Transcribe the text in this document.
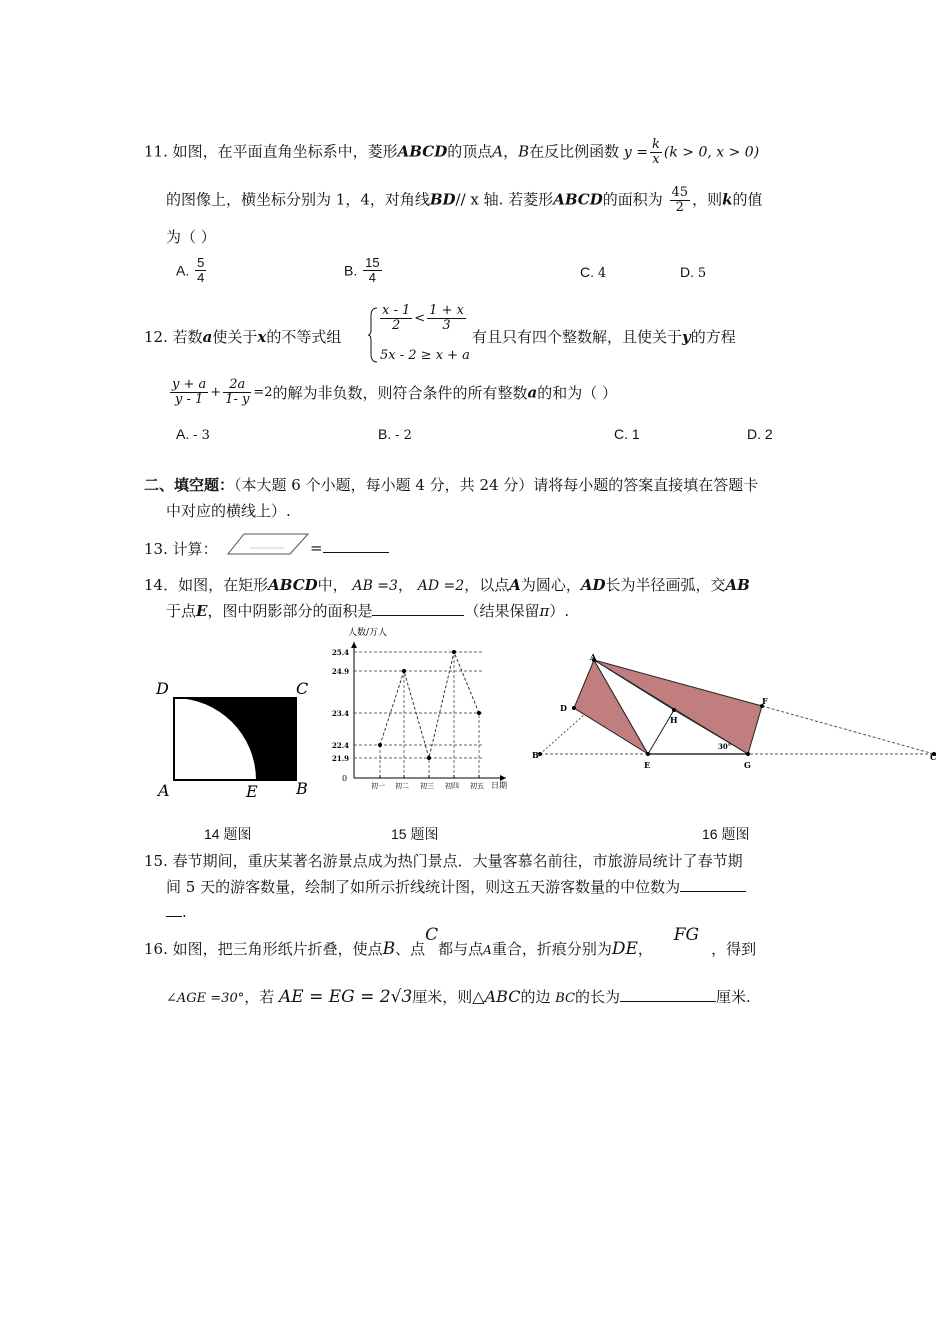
11. 如图，在平面直角坐标系中，菱形ABCD的顶点A，B在反比例函数 $y = \frac{k}{x} (k > 0$, x > 0)
的图像上，横坐标分别为 1，4，对角线BD// x 轴. 若菱形ABCD的面积为 $\frac{45}{2}$ ，则k的值
为（ ）
A. $\frac{5}{4}$	B. $\frac{15}{4}$	C. 4	D. 5
12. 若数a使关于x的不等式组
$\frac{x - 1}{2} < \frac{1 + x}{3}$
5x - 2 ≥ x + a
有且只有四个整数解，且使关于y的方程
$\frac{y + a}{y - 1} + \frac{2a}{1- y} =2$的解为非负数，则符合条件的所有整数a的和为（ ）
A. - 3	B. - 2	C. 1	D. 2
二、填空题：（本大题 6 个小题，每小题 4 分，共 24 分）请将每小题的答案直接填在答题卡
中对应的横线上）.
13. 计算：	=
14．如图，在矩形ABCD中， AB =3， AD =2，以点A为圆心，AD长为半径画弧，交AB
于点E，图中阴影部分的面积是	（结果保留π）.
D	C
A	E B
人数/万人
日期
0
25.4
24.9
23.4
22.4
21.9
初一 初二 初三 初四 初五
A
D
H
F
B
E	G
C
30°
14 题图	15 题图	16 题图
15. 春节期间，重庆某著名游景点成为热门景点．大量客慕名前往，市旅游局统计了春节期
间 5 天的游客数量，绘制了如所示折线统计图，则这五天游客数量的中位数为
.
16. 如图，把三角形纸片折叠，使点B、点C都与点A重合，折痕分别为DE， FG，得到
∠AGE =30°，若 AE = EG = 2√3厘米，则△ABC的边 BC的长为	厘米.
